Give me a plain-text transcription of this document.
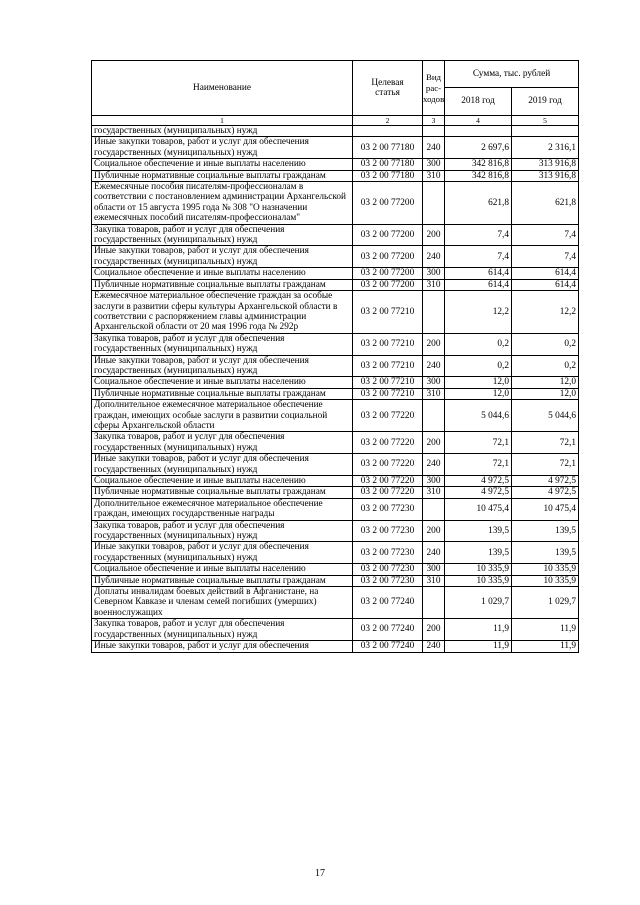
Наименование	Целевая статья	Вид рас-ходов	Сумма, тыс. рублей	
			2018 год	2019 год
1	2	3	4	5
государственных (муниципальных) нужд				
Иные закупки товаров, работ и услуг для обеспечения государственных (муниципальных) нужд	03 2 00 77180	240	2 697,6	2 316,1
Социальное обеспечение и иные выплаты населению	03 2 00 77180	300	342 816,8	313 916,8
Публичные нормативные социальные выплаты гражданам	03 2 00 77180	310	342 816,8	313 916,8
Ежемесячные пособия писателям-профессионалам в соответствии с постановлением администрации Архангельской области от 15 августа 1995 года № 308 "О назначении ежемесячных пособий писателям-профессионалам"	03 2 00 77200		621,8	621,8
Закупка товаров, работ и услуг для обеспечения государственных (муниципальных) нужд	03 2 00 77200	200	7,4	7,4
Иные закупки товаров, работ и услуг для обеспечения государственных (муниципальных) нужд	03 2 00 77200	240	7,4	7,4
Социальное обеспечение и иные выплаты населению	03 2 00 77200	300	614,4	614,4
Публичные нормативные социальные выплаты гражданам	03 2 00 77200	310	614,4	614,4
Ежемесячное материальное обеспечение граждан за особые заслуги в развитии сферы культуры Архангельской области в соответствии с распоряжением главы администрации Архангельской области от 20 мая 1996 года № 292р	03 2 00 77210		12,2	12,2
Закупка товаров, работ и услуг для обеспечения государственных (муниципальных) нужд	03 2 00 77210	200	0,2	0,2
Иные закупки товаров, работ и услуг для обеспечения государственных (муниципальных) нужд	03 2 00 77210	240	0,2	0,2
Социальное обеспечение и иные выплаты населению	03 2 00 77210	300	12,0	12,0
Публичные нормативные социальные выплаты гражданам	03 2 00 77210	310	12,0	12,0
Дополнительное ежемесячное материальное обеспечение граждан, имеющих особые заслуги в развитии социальной сферы Архангельской области	03 2 00 77220		5 044,6	5 044,6
Закупка товаров, работ и услуг для обеспечения государственных (муниципальных) нужд	03 2 00 77220	200	72,1	72,1
Иные закупки товаров, работ и услуг для обеспечения государственных (муниципальных) нужд	03 2 00 77220	240	72,1	72,1
Социальное обеспечение и иные выплаты населению	03 2 00 77220	300	4 972,5	4 972,5
Публичные нормативные социальные выплаты гражданам	03 2 00 77220	310	4 972,5	4 972,5
Дополнительное ежемесячное материальное обеспечение граждан, имеющих государственные награды	03 2 00 77230		10 475,4	10 475,4
Закупка товаров, работ и услуг для обеспечения государственных (муниципальных) нужд	03 2 00 77230	200	139,5	139,5
Иные закупки товаров, работ и услуг для обеспечения государственных (муниципальных) нужд	03 2 00 77230	240	139,5	139,5
Социальное обеспечение и иные выплаты населению	03 2 00 77230	300	10 335,9	10 335,9
Публичные нормативные социальные выплаты гражданам	03 2 00 77230	310	10 335,9	10 335,9
Доплаты инвалидам боевых действий в Афганистане, на Северном Кавказе и членам семей погибших (умерших) военнослужащих	03 2 00 77240		1 029,7	1 029,7
Закупка товаров, работ и услуг для обеспечения государственных (муниципальных) нужд	03 2 00 77240	200	11,9	11,9
Иные закупки товаров, работ и услуг для обеспечения	03 2 00 77240	240	11,9	11,9
17
